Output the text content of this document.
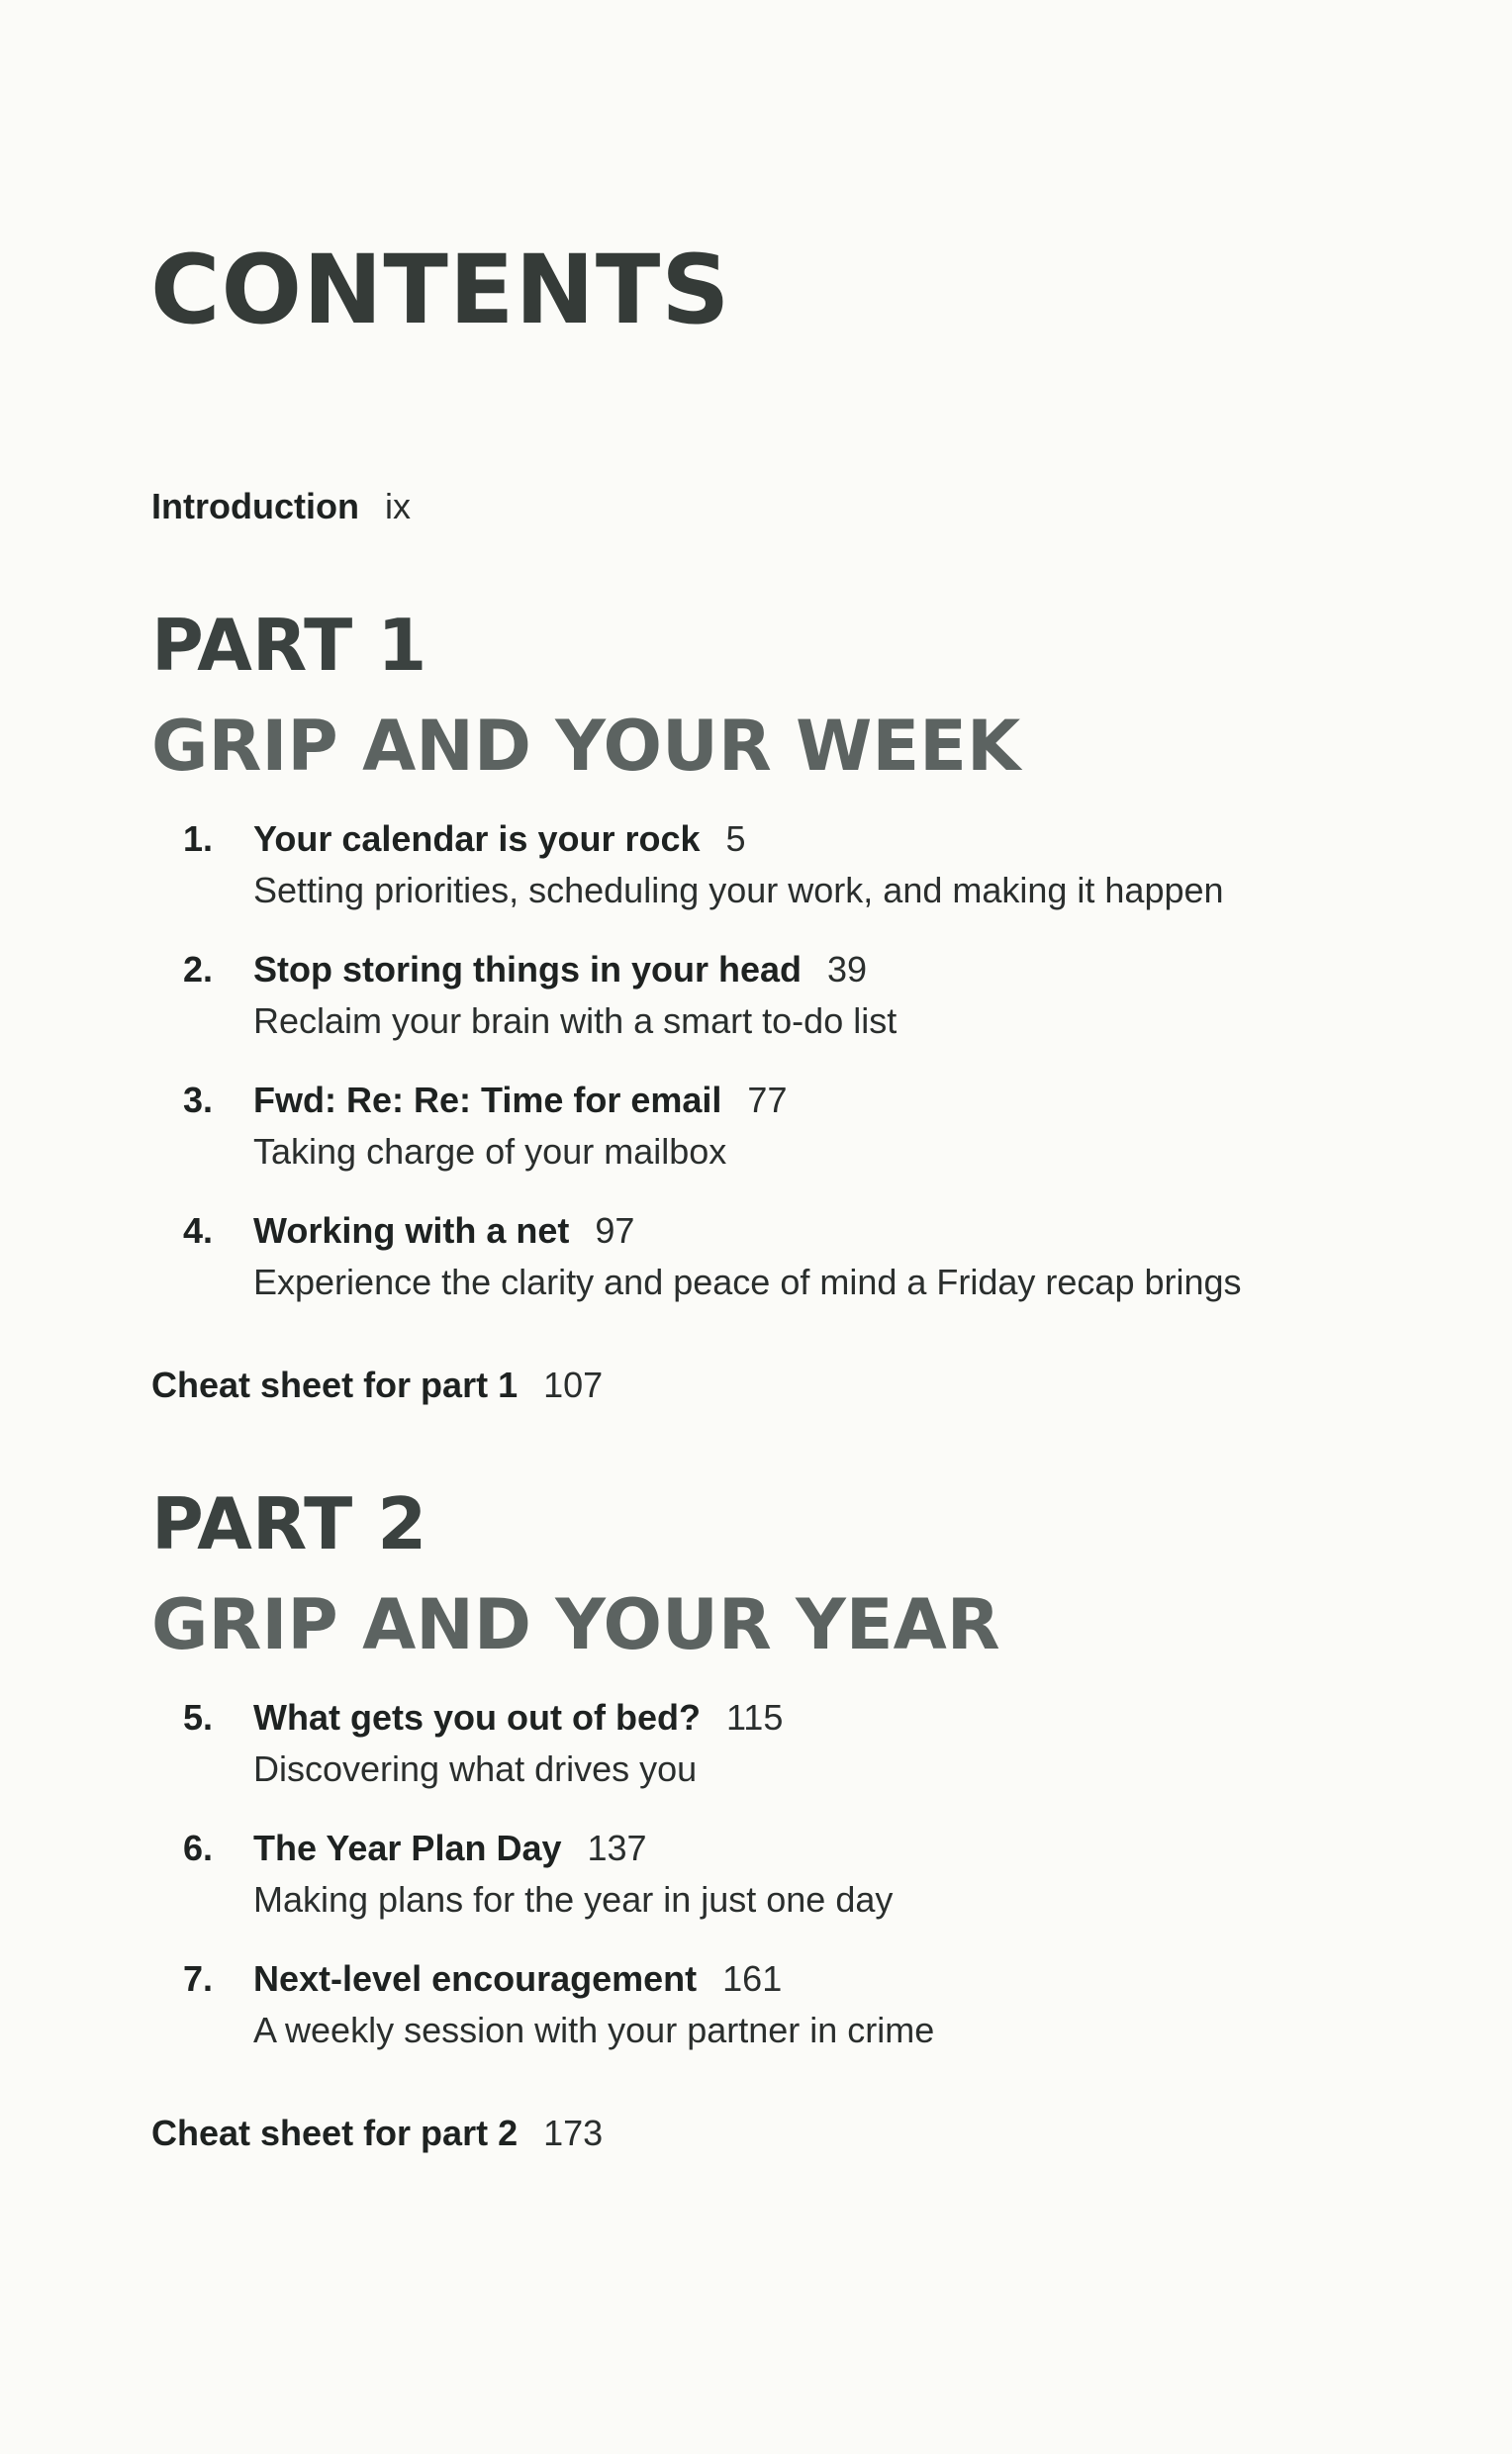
CONTENTS
Introduction ix
PART 1
GRIP AND YOUR WEEK
1. Your calendar is your rock 5
Setting priorities, scheduling your work, and making it happen
2. Stop storing things in your head 39
Reclaim your brain with a smart to-do list
3. Fwd: Re: Re: Time for email 77
Taking charge of your mailbox
4. Working with a net 97
Experience the clarity and peace of mind a Friday recap brings
Cheat sheet for part 1 107
PART 2
GRIP AND YOUR YEAR
5. What gets you out of bed? 115
Discovering what drives you
6. The Year Plan Day 137
Making plans for the year in just one day
7. Next-level encouragement 161
A weekly session with your partner in crime
Cheat sheet for part 2 173
